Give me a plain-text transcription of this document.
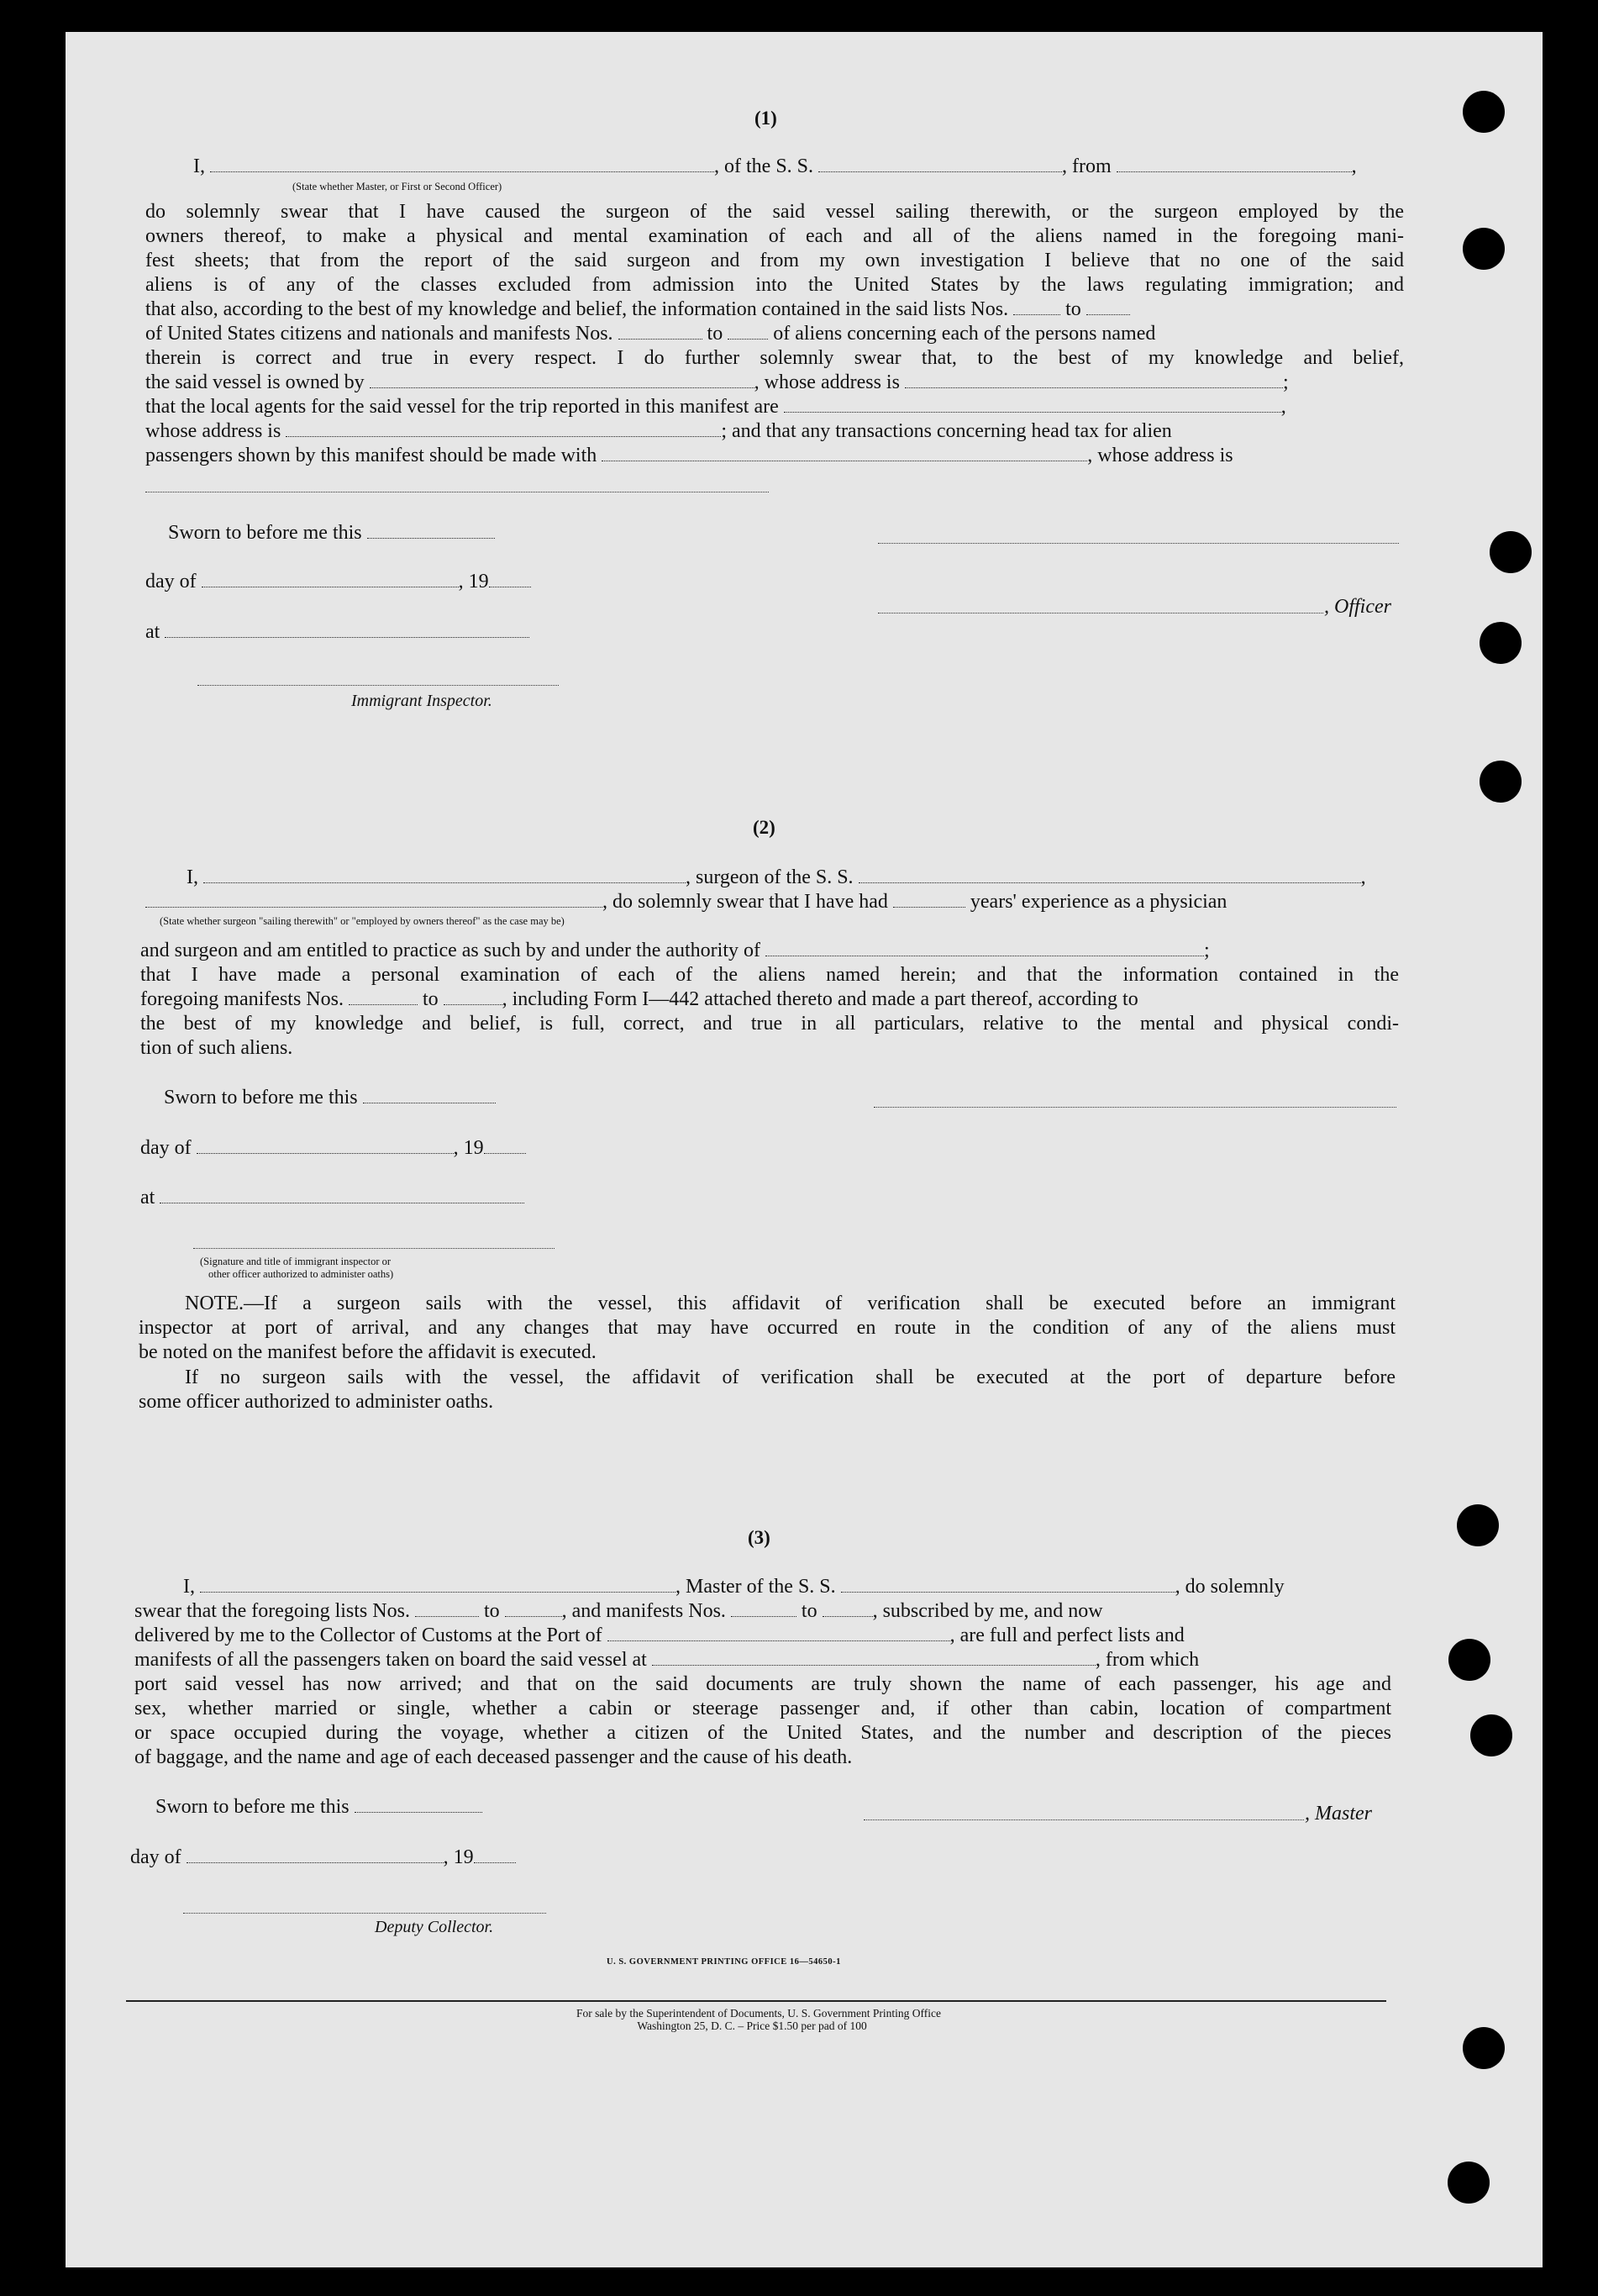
(1)
I,	, of the S. S.	, from	,
(State whether Master, or First or Second Officer)
do solemnly swear that I have caused the surgeon of the said vessel sailing therewith, or the surgeon employed by the
owners thereof, to make a physical and mental examination of each and all of the aliens named in the foregoing mani-
fest sheets; that from the report of the said surgeon and from my own investigation I believe that no one of the said
aliens is of any of the classes excluded from admission into the United States by the laws regulating immigration; and
that also, according to the best of my knowledge and belief, the information contained in the said lists Nos.	to
of United States citizens and nationals and manifests Nos.	to	of aliens concerning each of the persons named
therein is correct and true in every respect. I do further solemnly swear that, to the best of my knowledge and belief,
the said vessel is owned by	, whose address is	;
that the local agents for the said vessel for the trip reported in this manifest are	,
whose address is	; and that any transactions concerning head tax for alien
passengers shown by this manifest should be made with	, whose address is
Sworn to before me this
day of	, 19
, Officer
at
Immigrant Inspector.
(2)
I,	, surgeon of the S. S.	,
, do solemnly swear that I have had	years' experience as a physician
(State whether surgeon "sailing therewith" or "employed by owners thereof" as the case may be)
and surgeon and am entitled to practice as such by and under the authority of	;
that I have made a personal examination of each of the aliens named herein; and that the information contained in the
foregoing manifests Nos.	to	, including Form I—442 attached thereto and made a part thereof, according to
the best of my knowledge and belief, is full, correct, and true in all particulars, relative to the mental and physical condi-
tion of such aliens.
Sworn to before me this
day of	, 19
at
(Signature and title of immigrant inspector or
other officer authorized to administer oaths)
NOTE.—If a surgeon sails with the vessel, this affidavit of verification shall be executed before an immigrant
inspector at port of arrival, and any changes that may have occurred en route in the condition of any of the aliens must
be noted on the manifest before the affidavit is executed.
If no surgeon sails with the vessel, the affidavit of verification shall be executed at the port of departure before
some officer authorized to administer oaths.
(3)
I,	, Master of the S. S.	, do solemnly
swear that the foregoing lists Nos.	to	, and manifests Nos.	to	, subscribed by me, and now
delivered by me to the Collector of Customs at the Port of	, are full and perfect lists and
manifests of all the passengers taken on board the said vessel at	, from which
port said vessel has now arrived; and that on the said documents are truly shown the name of each passenger, his age and
sex, whether married or single, whether a cabin or steerage passenger and, if other than cabin, location of compartment
or space occupied during the voyage, whether a citizen of the United States, and the number and description of the pieces
of baggage, and the name and age of each deceased passenger and the cause of his death.
Sworn to before me this	, Master
day of	, 19
Deputy Collector.
U. S. GOVERNMENT PRINTING OFFICE 16—54650-1
For sale by the Superintendent of Documents, U. S. Government Printing Office
Washington 25, D. C. – Price $1.50 per pad of 100
